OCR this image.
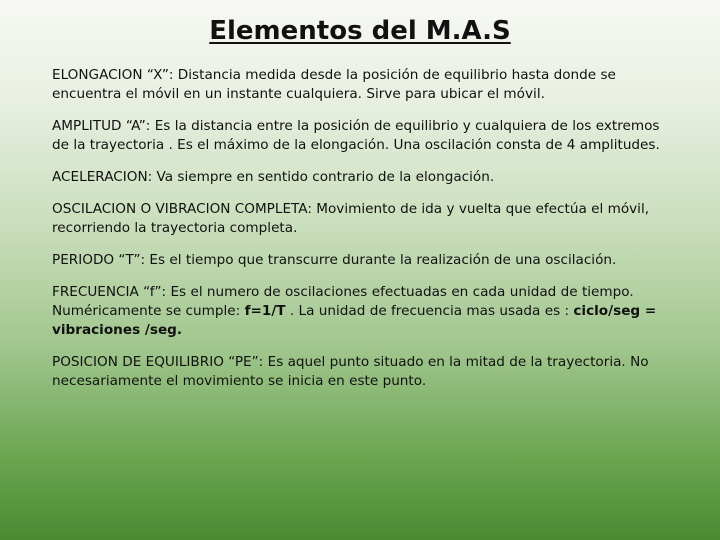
Elementos del M.A.S

ELONGACION “X”: Distancia medida desde la posición de equilibrio hasta donde se encuentra el móvil en un instante cualquiera. Sirve para ubicar el móvil.

AMPLITUD “A”: Es la distancia entre la posición de equilibrio y cualquiera de los extremos de la trayectoria . Es el máximo de la elongación. Una oscilación consta de 4 amplitudes.

ACELERACION: Va siempre en sentido contrario de la elongación.

OSCILACION O VIBRACION COMPLETA: Movimiento de ida y vuelta que efectúa el móvil, recorriendo la trayectoria completa.

PERIODO “T”: Es el tiempo que transcurre durante la realización de una oscilación.

FRECUENCIA “f”: Es el numero de oscilaciones efectuadas en cada unidad de tiempo. Numéricamente se cumple: f=1/T . La unidad de frecuencia mas usada es : ciclo/seg = vibraciones /seg.

POSICION DE EQUILIBRIO “PE”: Es aquel punto situado en la mitad de la trayectoria. No necesariamente el movimiento se inicia en este punto.
